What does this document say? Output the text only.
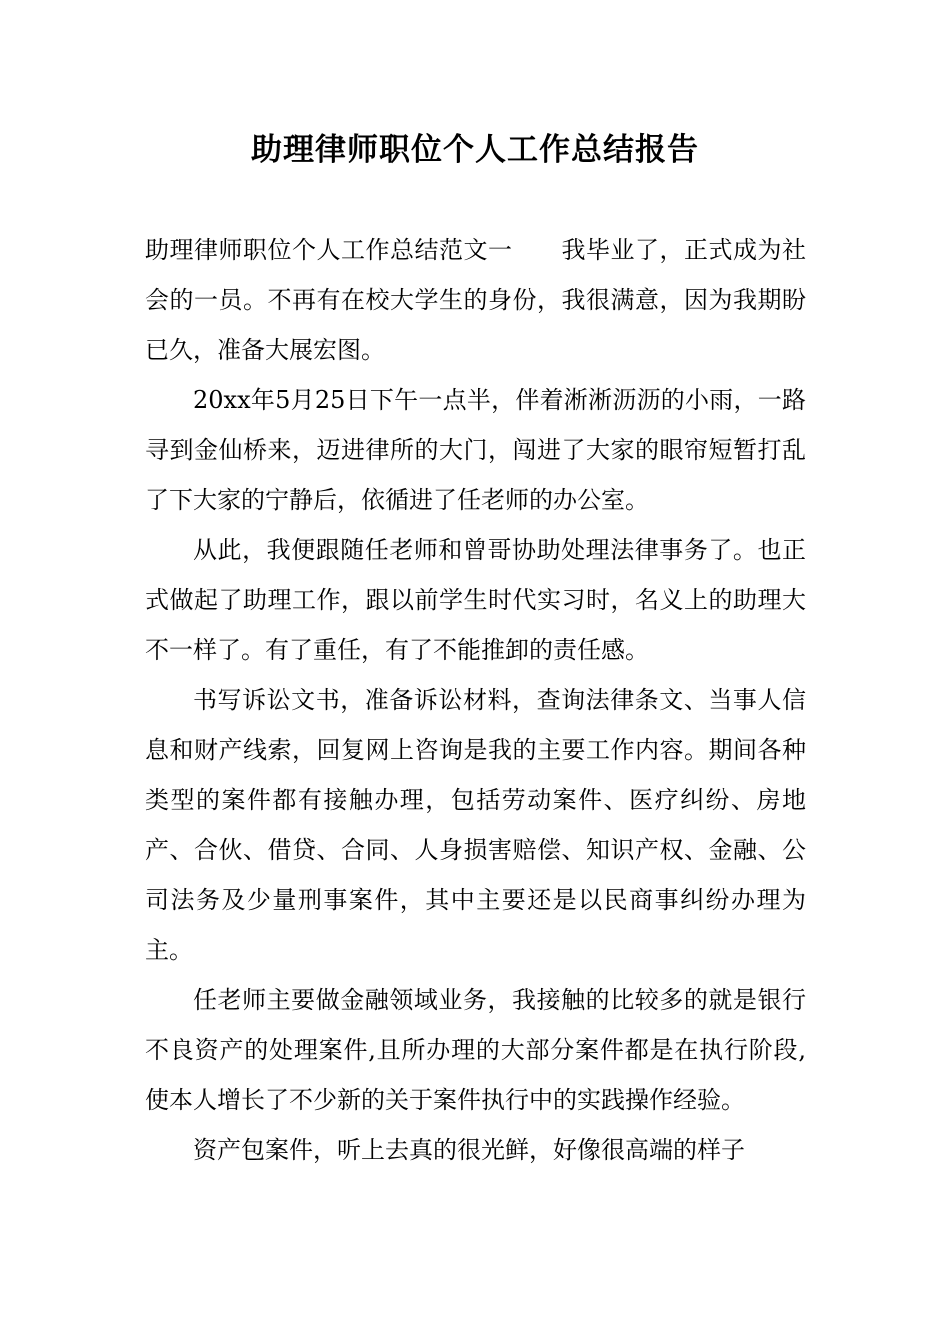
助理律师职位个人工作总结报告

助理律师职位个人工作总结范文一　　我毕业了，正式成为社会的一员。不再有在校大学生的身份，我很满意，因为我期盼已久，准备大展宏图。

20xx年5月25日下午一点半，伴着淅淅沥沥的小雨，一路寻到金仙桥来，迈进律所的大门，闯进了大家的眼帘短暂打乱了下大家的宁静后，依循进了任老师的办公室。

从此，我便跟随任老师和曾哥协助处理法律事务了。也正式做起了助理工作，跟以前学生时代实习时，名义上的助理大不一样了。有了重任，有了不能推卸的责任感。

书写诉讼文书，准备诉讼材料，查询法律条文、当事人信息和财产线索，回复网上咨询是我的主要工作内容。期间各种类型的案件都有接触办理，包括劳动案件、医疗纠纷、房地产、合伙、借贷、合同、人身损害赔偿、知识产权、金融、公司法务及少量刑事案件，其中主要还是以民商事纠纷办理为主。

任老师主要做金融领域业务，我接触的比较多的就是银行不良资产的处理案件,且所办理的大部分案件都是在执行阶段,使本人增长了不少新的关于案件执行中的实践操作经验。

资产包案件，听上去真的很光鲜，好像很高端的样子
